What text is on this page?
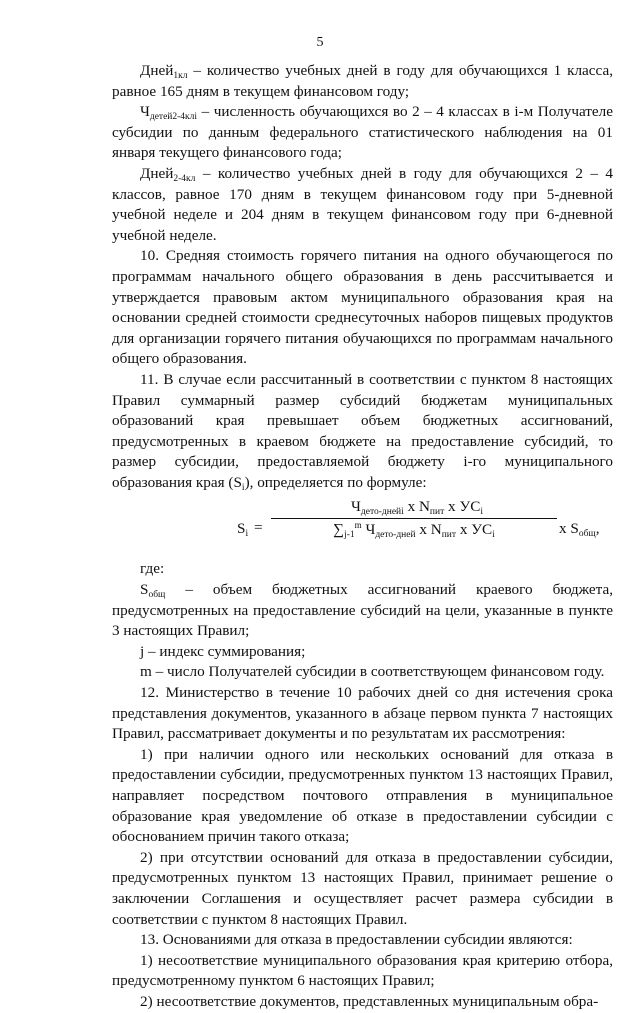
5

Дней$_{1кл}$ – количество учебных дней в году для обучающихся 1 класса, равное 165 дням в текущем финансовом году;

$Ч_{детей2-4клi}$ – численность обучающихся во 2 – 4 классах в i-м Получателе субсидии по данным федерального статистического наблюдения на 01 января текущего финансового года;

Дней$_{2-4кл}$ – количество учебных дней в году для обучающихся 2 – 4 классов, равное 170 дням в текущем финансовом году при 5-дневной учебной неделе и 204 дням в текущем финансовом году при 6-дневной учебной неделе.

10. Средняя стоимость горячего питания на одного обучающегося по программам начального общего образования в день рассчитывается и утверждается правовым актом муниципального образования края на основании средней стоимости среднесуточных наборов пищевых продуктов для организации горячего питания обучающихся по программам начального общего образования.

11. В случае если рассчитанный в соответствии с пунктом 8 настоящих Правил суммарный размер субсидий бюджетам муниципальных образований края превышает объем бюджетных ассигнований, предусмотренных в краевом бюджете на предоставление субсидий, то размер субсидии, предоставляемой бюджету i-го муниципального образования края $(S_i)$, определяется по формуле:

$S_i$ =
$Ч_{дето-днейi}$ x $N_{пит}$ x $УС_i$
$\sum_{j-1}^m$ $Ч_{дето-дней}$ x $N_{пит}$ x $УС_i$	x $S_{общ}$,

где:

$S_{общ}$ – объем бюджетных ассигнований краевого бюджета, предусмотренных на предоставление субсидий на цели, указанные в пункте 3 настоящих Правил;

j – индекс суммирования;

m – число Получателей субсидии в соответствующем финансовом году.

12. Министерство в течение 10 рабочих дней со дня истечения срока представления документов, указанного в абзаце первом пункта 7 настоящих Правил, рассматривает документы и по результатам их рассмотрения:

1) при наличии одного или нескольких оснований для отказа в предоставлении субсидии, предусмотренных пунктом 13 настоящих Правил, направляет посредством почтового отправления в муниципальное образование края уведомление об отказе в предоставлении субсидии с обоснованием причин такого отказа;

2) при отсутствии оснований для отказа в предоставлении субсидии, предусмотренных пунктом 13 настоящих Правил, принимает решение о заключении Соглашения и осуществляет расчет размера субсидии в соответствии с пунктом 8 настоящих Правил.

13. Основаниями для отказа в предоставлении субсидии являются:

1) несоответствие муниципального образования края критерию отбора, предусмотренному пунктом 6 настоящих Правил;

2) несоответствие документов, представленных муниципальным обра-
